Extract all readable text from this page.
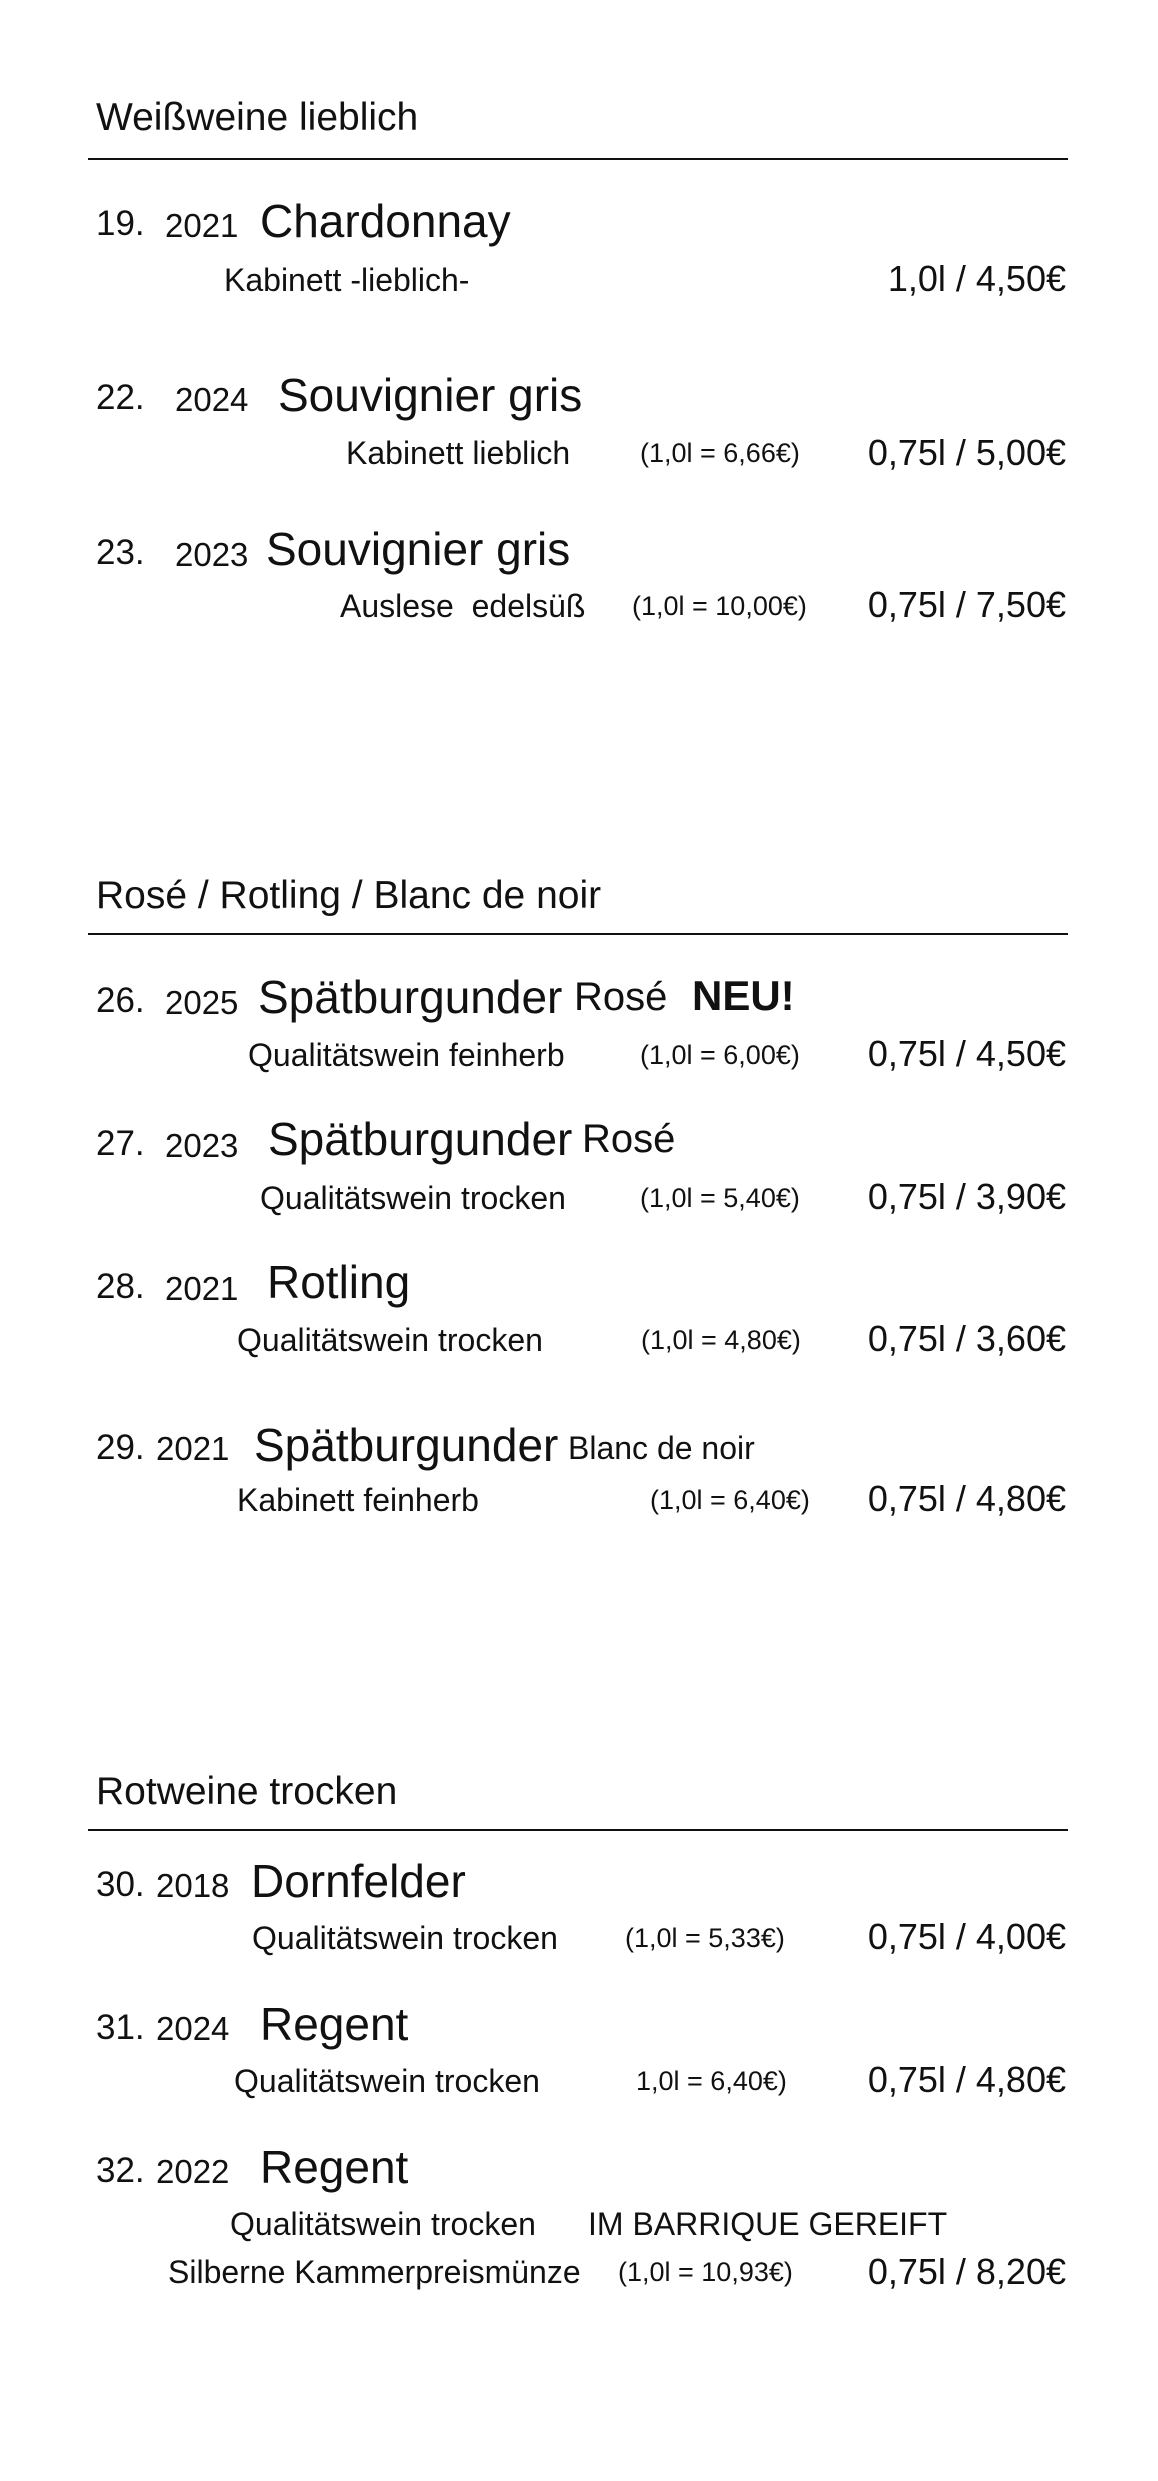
Weißweine lieblich
19. 2021 Chardonnay
Kabinett -lieblich-	1,0l / 4,50€
22. 2024 Souvignier gris
Kabinett lieblich	(1,0l = 6,66€) 0,75l / 5,00€
23. 2023 Souvignier gris
Auslese  edelsüß (1,0l = 10,00€) 0,75l / 7,50€
Rosé / Rotling / Blanc de noir
26. 2025 Spätburgunder Rosé NEU!
Qualitätswein feinherb	(1,0l = 6,00€) 0,75l / 4,50€
27. 2023 Spätburgunder Rosé
Qualitätswein trocken	(1,0l = 5,40€) 0,75l / 3,90€
28. 2021 Rotling
Qualitätswein trocken	(1,0l = 4,80€) 0,75l / 3,60€
29. 2021 Spätburgunder Blanc de noir
Kabinett feinherb	(1,0l = 6,40€) 0,75l / 4,80€
Rotweine trocken
30. 2018 Dornfelder
Qualitätswein trocken (1,0l = 5,33€) 0,75l / 4,00€
31. 2024 Regent
Qualitätswein trocken	1,0l = 6,40€) 0,75l / 4,80€
32. 2022 Regent
Qualitätswein trocken IM BARRIQUE GEREIFT
Silberne Kammerpreismünze (1,0l = 10,93€) 0,75l / 8,20€
